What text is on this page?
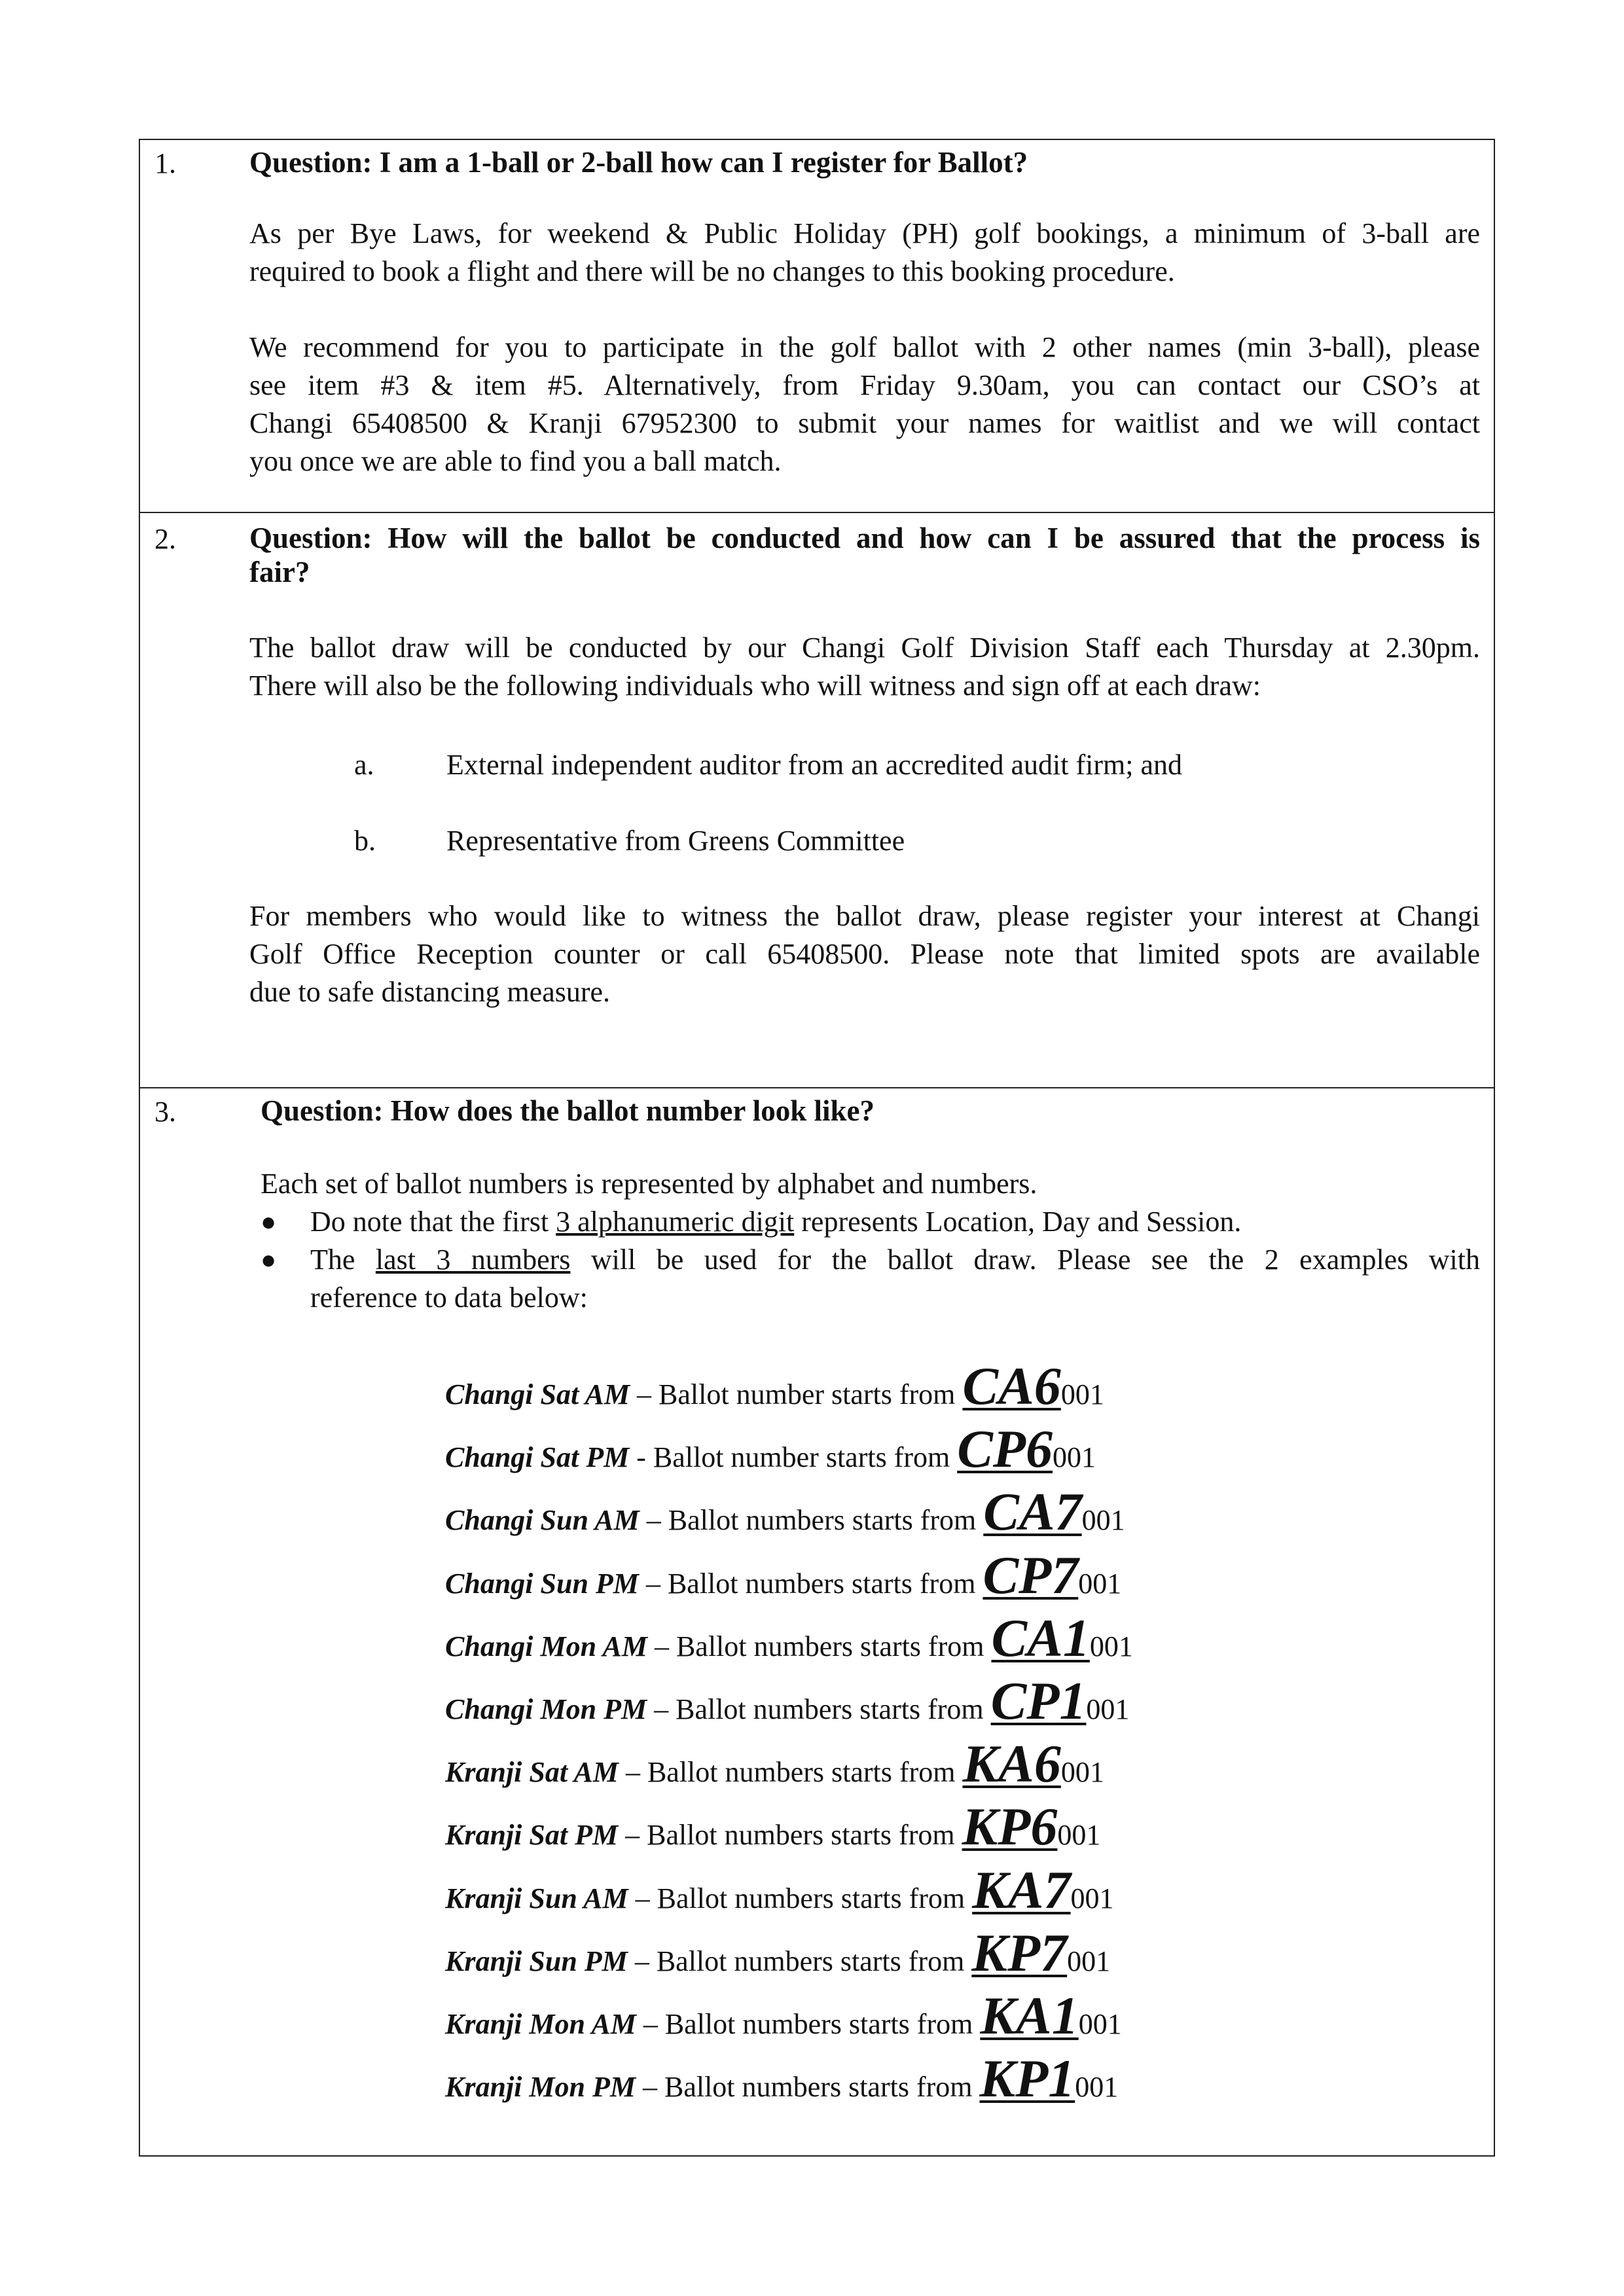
1. Question: I am a 1-ball or 2-ball how can I register for Ballot?
As per Bye Laws, for weekend & Public Holiday (PH) golf bookings, a minimum of 3-ball are
required to book a flight and there will be no changes to this booking procedure.
We recommend for you to participate in the golf ballot with 2 other names (min 3-ball), please
see item #3 & item #5. Alternatively, from Friday 9.30am, you can contact our CSO’s at
Changi 65408500 & Kranji 67952300 to submit your names for waitlist and we will contact
you once we are able to find you a ball match.
2. Question: How will the ballot be conducted and how can I be assured that the process is
fair?
The ballot draw will be conducted by our Changi Golf Division Staff each Thursday at 2.30pm.
There will also be the following individuals who will witness and sign off at each draw:
a.	External independent auditor from an accredited audit firm; and
b. Representative from Greens Committee
For members who would like to witness the ballot draw, please register your interest at Changi
Golf Office Reception counter or call 65408500. Please note that limited spots are available
due to safe distancing measure.
3.	Question: How does the ballot number look like?
Each set of ballot numbers is represented by alphabet and numbers.
● Do note that the first 3 alphanumeric digit represents Location, Day and Session.
● The last 3 numbers will be used for the ballot draw. Please see the 2 examples with
reference to data below:
Changi Sat AM – Ballot number starts from CA6001
Changi Sat PM - Ballot number starts from CP6001
Changi Sun AM – Ballot numbers starts from CA7001
Changi Sun PM – Ballot numbers starts from CP7001
Changi Mon AM – Ballot numbers starts from CA1001
Changi Mon PM – Ballot numbers starts from CP1001
Kranji Sat AM – Ballot numbers starts from KA6001
Kranji Sat PM – Ballot numbers starts from KP6001
Kranji Sun AM – Ballot numbers starts from KA7001
Kranji Sun PM – Ballot numbers starts from KP7001
Kranji Mon AM – Ballot numbers starts from KA1001
Kranji Mon PM – Ballot numbers starts from KP1001
